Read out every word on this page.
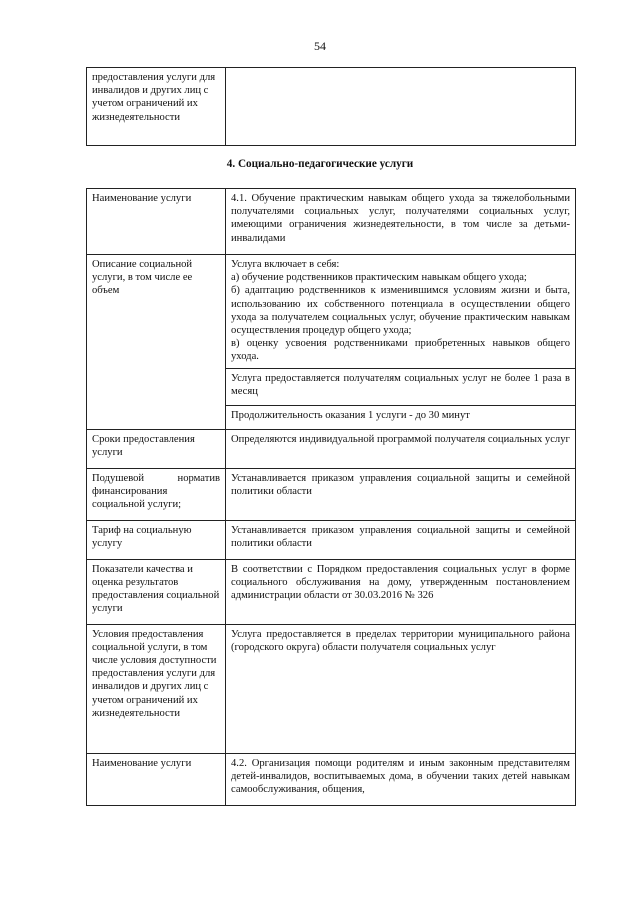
54
предоставления услуги для инвалидов и других лиц с учетом ограничений их жизнедеятельности	
4. Социально-педагогические услуги
Наименование услуги	4.1. Обучение практическим навыкам общего ухода за тяжелобольными получателями социальных услуг, получателями социальных услуг, имеющими ограничения жизнедеятельности, в том числе за детьми-инвалидами
Описание социальной услуги, в том числе ее объем	Услуга включает в себя:
а) обучение родственников практическим навыкам общего ухода;
б) адаптацию родственников к изменившимся условиям жизни и быта, использованию их собственного потенциала в осуществлении общего ухода за получателем социальных услуг, обучение практическим навыкам осуществления процедур общего ухода;
в) оценку усвоения родственниками приобретенных навыков общего ухода.

	Услуга предоставляется получателям социальных услуг не более 1 раза в месяц
	Продолжительность оказания 1 услуги - до 30 минут
Сроки предоставления услуги	Определяются индивидуальной программой получателя социальных услуг

Подушевой норматив
финансирования социальной услуги;	Устанавливается приказом управления социальной защиты и семейной политики области
Тариф на социальную услугу	Устанавливается приказом управления социальной защиты и семейной политики области
Показатели качества и оценка результатов предоставления социальной услуги	В соответствии с Порядком предоставления социальных услуг в форме социального обслуживания на дому, утвержденным постановлением администрации области от 30.03.2016 № 326
Условия предоставления социальной услуги, в том числе условия доступности предоставления услуги для инвалидов и других лиц с учетом ограничений их жизнедеятельности	Услуга предоставляется в пределах территории муниципального района (городского округа) области получателя социальных услуг
Наименование услуги	4.2. Организация помощи родителям и иным законным представителям детей-инвалидов, воспитываемых дома, в обучении таких детей навыкам самообслуживания, общения,
